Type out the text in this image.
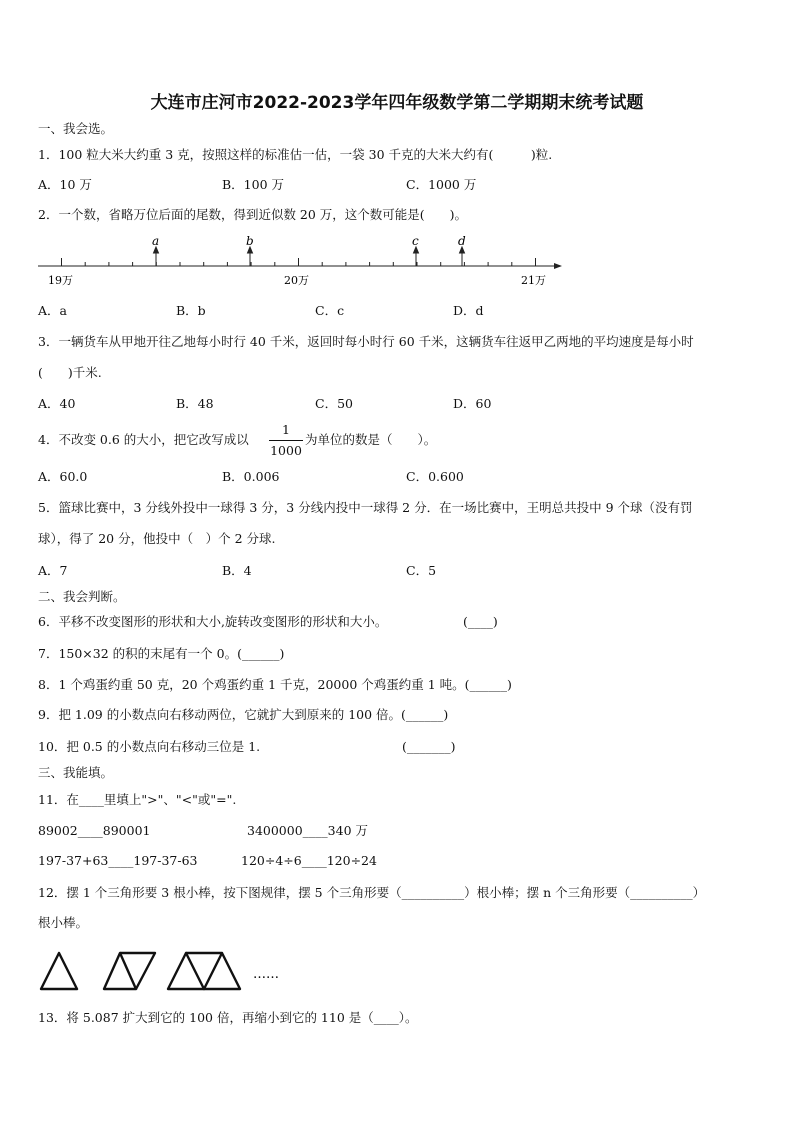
大连市庄河市2022-2023学年四年级数学第二学期期末统考试题
一、我会选。
1．100 粒大米大约重 3 克，按照这样的标准估一估，一袋 30 千克的大米大约有(　　　)粒.
A．10 万	B．100 万	C．1000 万
2．一个数，省略万位后面的尾数，得到近似数 20 万，这个数可能是(　　)。
a	b	c	d
19万	20万	21万
A．a	B．b	C．c	D．d
3．一辆货车从甲地开往乙地每小时行 40 千米，返回时每小时行 60 千米，这辆货车往返甲乙两地的平均速度是每小时
(　　)千米.
A．40	B．48	C．50	D．60
4．不改变 0.6 的大小，把它改写成以
1
1000
为单位的数是（　　）。
A．60.0	B．0.006	C．0.600
5．篮球比赛中，3 分线外投中一球得 3 分，3 分线内投中一球得 2 分．在一场比赛中，王明总共投中 9 个球（没有罚
球），得了 20 分，他投中（　）个 2 分球.
A．7	B．4	C．5
二、我会判断。
6．平移不改变图形的形状和大小,旋转改变图形的形状和大小。	(____)
7．150×32 的积的末尾有一个 0。(______)
8．1 个鸡蛋约重 50 克，20 个鸡蛋约重 1 千克，20000 个鸡蛋约重 1 吨。(______)
9．把 1.09 的小数点向右移动两位，它就扩大到原来的 100 倍。(______)
10．把 0.5 的小数点向右移动三位是 1.	(_______)
三、我能填。
11．在____里填上">"、"<"或"=".
89002____890001	3400000____340 万
197-37+63____197-37-63	120÷4÷6____120÷24
12．摆 1 个三角形要 3 根小棒，按下图规律，摆 5 个三角形要（__________）根小棒；摆 n 个三角形要（__________）
根小棒。
……
13．将 5.087 扩大到它的 100 倍，再缩小到它的 110 是（____）。
